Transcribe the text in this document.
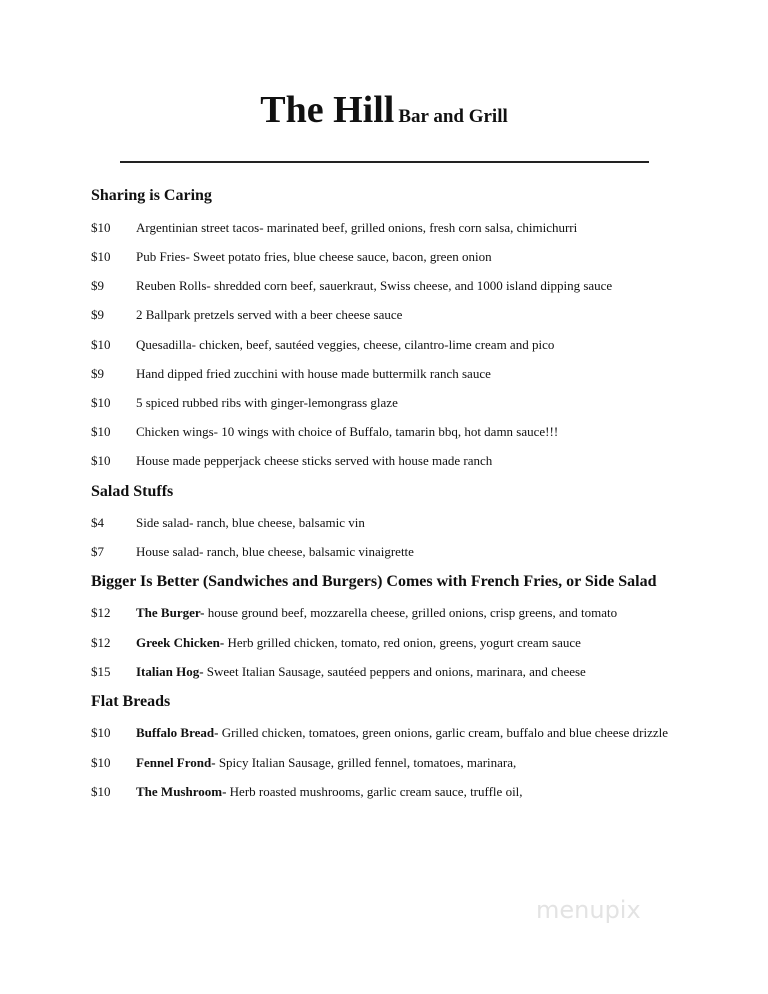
The Hill Bar and Grill
Sharing is Caring
$10 Argentinian street tacos- marinated beef, grilled onions, fresh corn salsa, chimichurri
$10 Pub Fries- Sweet potato fries, blue cheese sauce, bacon, green onion
$9 Reuben Rolls- shredded corn beef, sauerkraut, Swiss cheese, and 1000 island dipping sauce
$9 2 Ballpark pretzels served with a beer cheese sauce
$10 Quesadilla- chicken, beef, sautéed veggies, cheese, cilantro-lime cream and pico
$9 Hand dipped fried zucchini with house made buttermilk ranch sauce
$10 5 spiced rubbed ribs with ginger-lemongrass glaze
$10 Chicken wings- 10 wings with choice of Buffalo, tamarin bbq, hot damn sauce!!!
$10 House made pepperjack cheese sticks served with house made ranch
Salad Stuffs
$4 Side salad- ranch, blue cheese, balsamic vin
$7 House salad- ranch, blue cheese, balsamic vinaigrette
Bigger Is Better (Sandwiches and Burgers) Comes with French Fries, or Side Salad
$12 The Burger- house ground beef, mozzarella cheese, grilled onions, crisp greens, and tomato
$12 Greek Chicken- Herb grilled chicken, tomato, red onion, greens, yogurt cream sauce
$15 Italian Hog- Sweet Italian Sausage, sautéed peppers and onions, marinara, and cheese
Flat Breads
$10 Buffalo Bread- Grilled chicken, tomatoes, green onions, garlic cream, buffalo and blue cheese drizzle
$10 Fennel Frond- Spicy Italian Sausage, grilled fennel, tomatoes, marinara,
$10 The Mushroom- Herb roasted mushrooms, garlic cream sauce, truffle oil,
menupix
